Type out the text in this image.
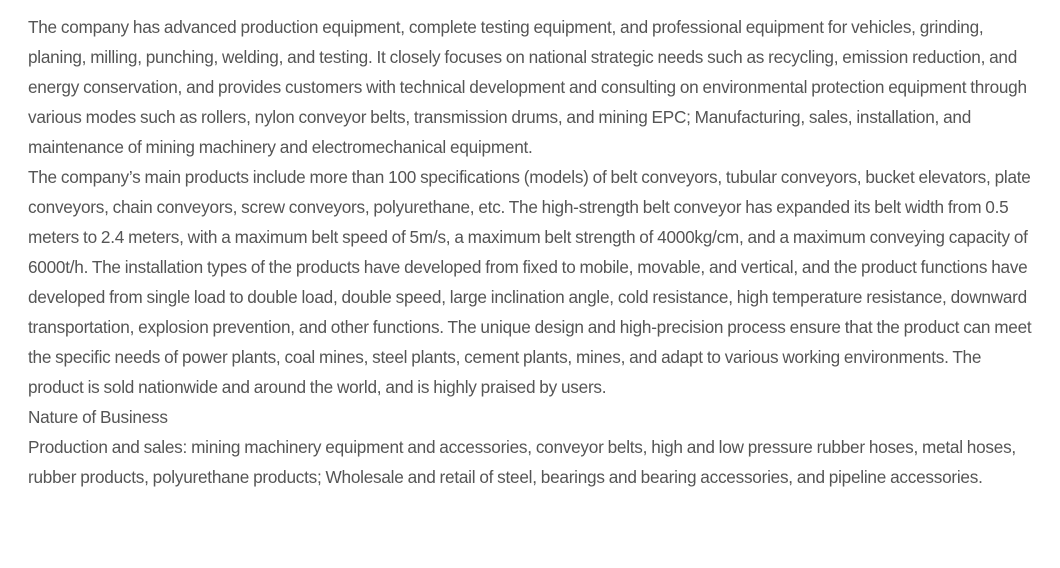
The company has advanced production equipment, complete testing equipment, and professional equipment for vehicles, grinding, planing, milling, punching, welding, and testing. It closely focuses on national strategic needs such as recycling, emission reduction, and energy conservation, and provides customers with technical development and consulting on environmental protection equipment through various modes such as rollers, nylon conveyor belts, transmission drums, and mining EPC; Manufacturing, sales, installation, and maintenance of mining machinery and electromechanical equipment.

The company’s main products include more than 100 specifications (models) of belt conveyors, tubular conveyors, bucket elevators, plate conveyors, chain conveyors, screw conveyors, polyurethane, etc. The high-strength belt conveyor has expanded its belt width from 0.5 meters to 2.4 meters, with a maximum belt speed of 5m/s, a maximum belt strength of 4000kg/cm, and a maximum conveying capacity of 6000t/h. The installation types of the products have developed from fixed to mobile, movable, and vertical, and the product functions have developed from single load to double load, double speed, large inclination angle, cold resistance, high temperature resistance, downward transportation, explosion prevention, and other functions. The unique design and high-precision process ensure that the product can meet the specific needs of power plants, coal mines, steel plants, cement plants, mines, and adapt to various working environments. The product is sold nationwide and around the world, and is highly praised by users.

Nature of Business

Production and sales: mining machinery equipment and accessories, conveyor belts, high and low pressure rubber hoses, metal hoses, rubber products, polyurethane products; Wholesale and retail of steel, bearings and bearing accessories, and pipeline accessories.
